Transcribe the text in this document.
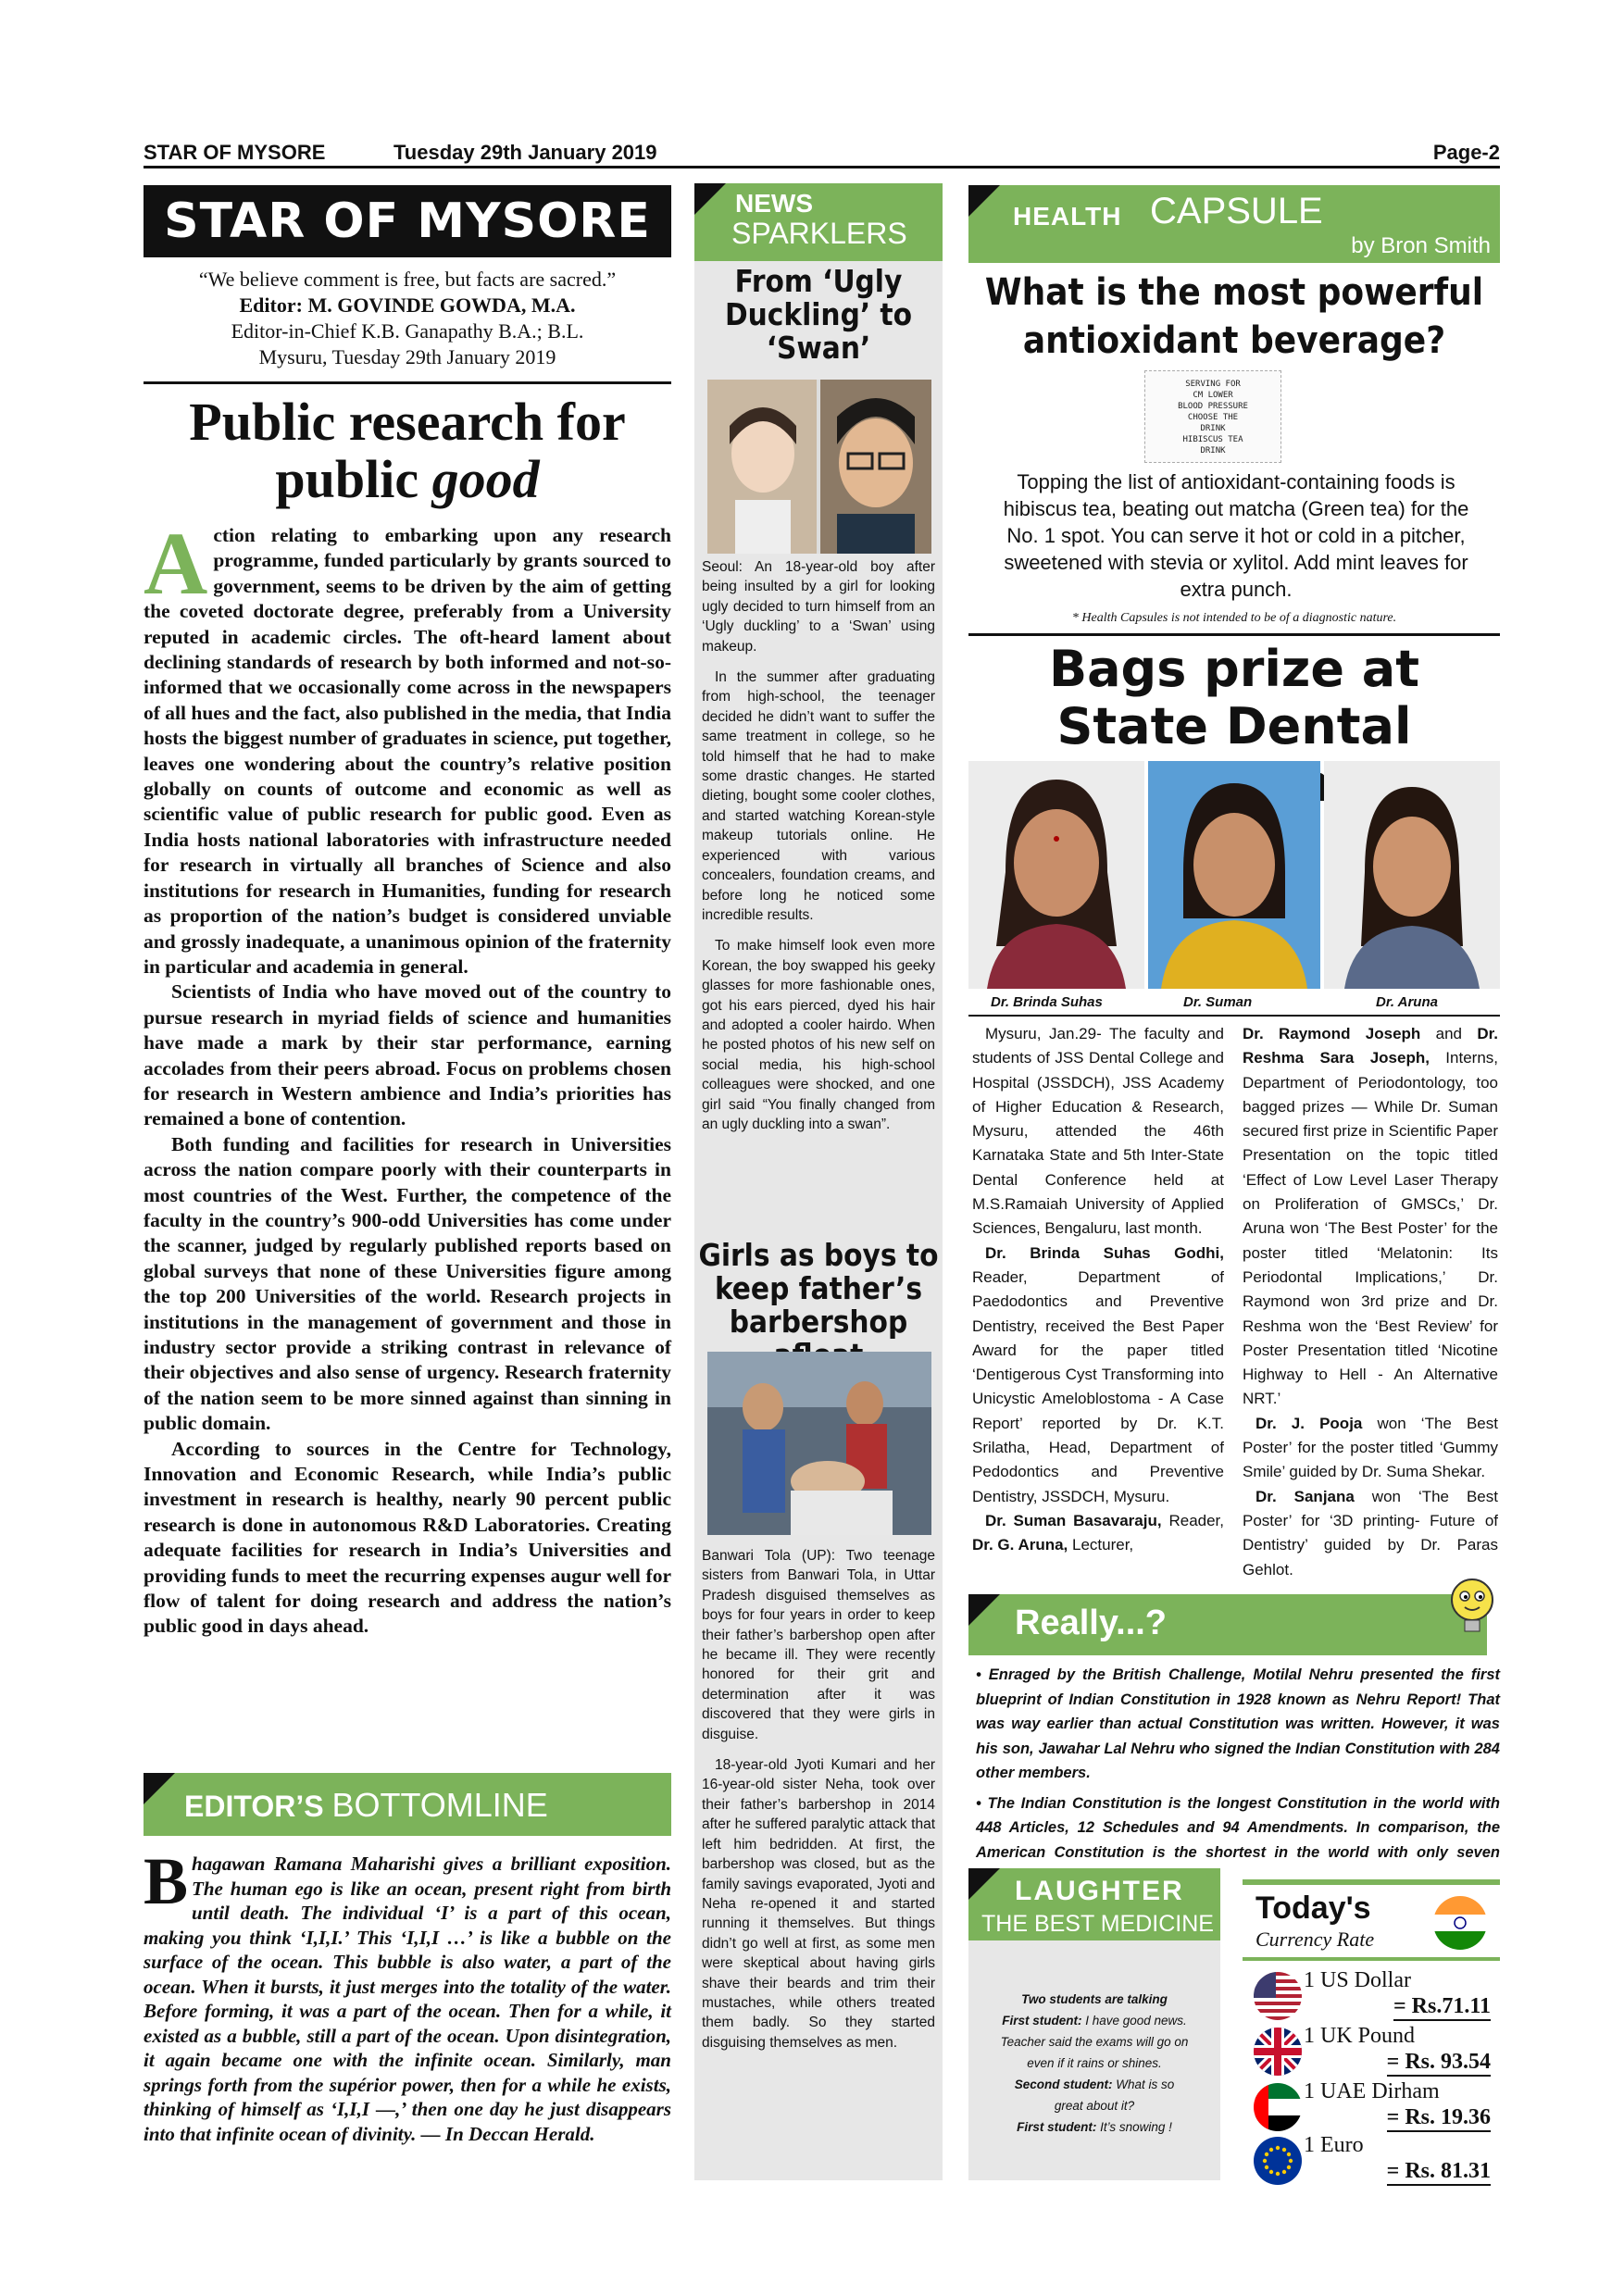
STAR OF MYSORE	Tuesday 29th January 2019	Page-2
STAR OF MYSORE
“We believe comment is free, but facts are sacred.”
Editor: M. GOVINDE GOWDA, M.A.
Editor-in-Chief K.B. Ganapathy B.A.; B.L.
Mysuru, Tuesday 29th January 2019
Public research for
public good

Action relating to embarking upon any research programme, funded particularly by grants sourced to government, seems to be driven by the aim of getting the coveted doctorate degree, preferably from a University reputed in academic circles. The oft-heard lament about declining standards of research by both informed and not-so-informed that we occasionally come across in the newspapers of all hues and the fact, also published in the media, that India hosts the biggest number of graduates in science, put together, leaves one wondering about the country’s relative position globally on counts of outcome and economic as well as scientific value of public research for public good. Even as India hosts national laboratories with infrastructure needed for research in virtually all branches of Science and also institutions for research in Humanities, funding for research as proportion of the nation’s budget is considered unviable and grossly inadequate, a unanimous opinion of the fraternity in particular and academia in general.

Scientists of India who have moved out of the country to pursue research in myriad fields of science and humanities have made a mark by their star performance, earning accolades from their peers abroad. Focus on problems chosen for research in Western ambience and India’s priorities has remained a bone of contention.

Both funding and facilities for research in Universities across the nation compare poorly with their counterparts in most countries of the West. Further, the competence of the faculty in the country’s 900-odd Universities has come under the scanner, judged by regularly published reports based on global surveys that none of these Universities figure among the top 200 Universities of the world. Research projects in institutions in the management of government and those in industry sector provide a striking contrast in relevance of their objectives and also sense of urgency. Research fraternity of the nation seem to be more sinned against than sinning in public domain.

According to sources in the Centre for Technology, Innovation and Economic Research, while India’s public investment in research is healthy, nearly 90 percent public research is done in autonomous R&D Laboratories. Creating adequate facilities for research in India’s Universities and providing funds to meet the recurring expenses augur well for flow of talent for doing research and address the nation’s public good in days ahead.

EDITOR’S BOTTOMLINE
Bhagawan Ramana Maharishi gives a brilliant exposition. The human ego is like an ocean, present right from birth until death. The individual ‘I’ is a part of this ocean, making you think ‘I,I,I.’ This ‘I,I,I …’ is like a bubble on the surface of the ocean. This bubble is also water, a part of the ocean. When it bursts, it just merges into the totality of the water. Before forming, it was a part of the ocean. Then for a while, it existed as a bubble, still a part of the ocean. Upon disintegration, it again became one with the infinite ocean. Similarly, man springs forth from the supérior power, then for a while he exists, thinking of himself as ‘I,I,I —,’ then one day he just disappears into that infinite ocean of divinity. — In Deccan Herald.
NEWS
SPARKLERS
From ‘Ugly Duckling’ to ‘Swan’

Seoul: An 18-year-old boy after being insulted by a girl for looking ugly decided to turn himself from an ‘Ugly duckling’ to a ‘Swan’ using makeup.

In the summer after graduating from high-school, the teenager decided he didn’t want to suffer the same treatment in college, so he told himself that he had to make some drastic changes. He started dieting, bought some cooler clothes, and started watching Korean-style makeup tutorials online. He experienced with various concealers, foundation creams, and before long he noticed some incredible results.

To make himself look even more Korean, the boy swapped his geeky glasses for more fashionable ones, got his ears pierced, dyed his hair and adopted a cooler hairdo. When he posted photos of his new self on social media, his high-school colleagues were shocked, and one girl said “You finally changed from an ugly duckling into a swan”.

Girls as boys to keep father’s barbershop

Banwari Tola (UP): Two teenage sisters from Banwari Tola, in Uttar Pradesh disguised themselves as boys for four years in order to keep their father’s barbershop open after he became ill. They were recently honored for their grit and determination after it was discovered that they were girls in disguise.

18-year-old Jyoti Kumari and her 16-year-old sister Neha, took over their father’s barbershop in 2014 after he suffered paralytic attack that left him bedridden. At first, the barbershop was closed, but as the family savings evaporated, Jyoti and Neha re-opened it and started running it themselves. But things didn’t go well at first, as some men were skeptical about having girls shave their beards and trim their mustaches, while others treated them badly. So they started disguising themselves as men.

HEALTH CAPSULE
by Bron Smith
What is the most powerful antioxidant beverage?
SERVING FOR
CM LOWER
BLOOD PRESSURE
CHOOSE THE
DRINK
HIBISCUS TEA
DRINK
Topping the list of antioxidant-containing foods is hibiscus tea, beating out matcha (Green tea) for the No. 1 spot. You can serve it hot or cold in a pitcher, sweetened with stevia or xylitol. Add mint leaves for extra punch.
* Health Capsules is not intended to be of a diagnostic nature.
Bags prize at State Dental
Dr. Brinda Suhas	Dr. Suman	Dr. Aruna

Mysuru, Jan.29- The faculty and students of JSS Dental College and Hospital (JSSDCH), JSS Academy of Higher Education & Research, Mysuru, attended the 46th Karnataka State and 5th Inter-State Dental Conference held at M.S.Ramaiah University of Applied Sciences, Bengaluru, last month.

Dr. Brinda Suhas Godhi, Reader, Department of Paedodontics and Preventive Dentistry, received the Best Paper Award for the paper titled ‘Dentigerous Cyst Transforming into Unicystic Ameloblostoma - A Case Report’ reported by Dr. K.T. Srilatha, Head, Department of Pedodontics and Preventive Dentistry, JSSDCH, Mysuru.

Dr. Suman Basavaraju, Reader, Dr. G. Aruna, Lecturer,

Dr. Raymond Joseph and Dr. Reshma Sara Joseph, Interns, Department of Periodontology, too bagged prizes — While Dr. Suman secured first prize in Scientific Paper Presentation on the topic titled ‘Effect of Low Level Laser Therapy on Proliferation of GMSCs,’ Dr. Aruna won ‘The Best Poster’ for the poster titled ‘Melatonin: Its Periodontal Implications,’ Dr. Raymond won 3rd prize and Dr. Reshma won the ‘Best Review’ for Poster Presentation titled ‘Nicotine Highway to Hell - An Alternative NRT.’

Dr. J. Pooja won ‘The Best Poster’ for the poster titled ‘Gummy Smile’ guided by Dr. Suma Shekar.

Dr. Sanjana won ‘The Best Poster’ for ‘3D printing- Future of Dentistry’ guided by Dr. Paras Gehlot.

Really...?

• Enraged by the British Challenge, Motilal Nehru presented the first blueprint of Indian Constitution in 1928 known as Nehru Report! That was way earlier than actual Constitution was written. However, it was his son, Jawahar Lal Nehru who signed the Indian Constitution with 284 other members.

• The Indian Constitution is the longest Constitution in the world with 448 Articles, 12 Schedules and 94 Amendments. In comparison, the American Constitution is the shortest in the world with only seven

LAUGHTER
THE BEST MEDICINE
Two students are talking
First student: I have good news.
Teacher said the exams will go on
even if it rains or shines.
Second student: What is so
great about it?
First student: It’s snowing !
Today's
Currency Rate
1 US Dollar
= Rs.71.11
1 UK Pound
= Rs. 93.54
1 UAE Dirham
= Rs. 19.36
1 Euro
= Rs. 81.31
